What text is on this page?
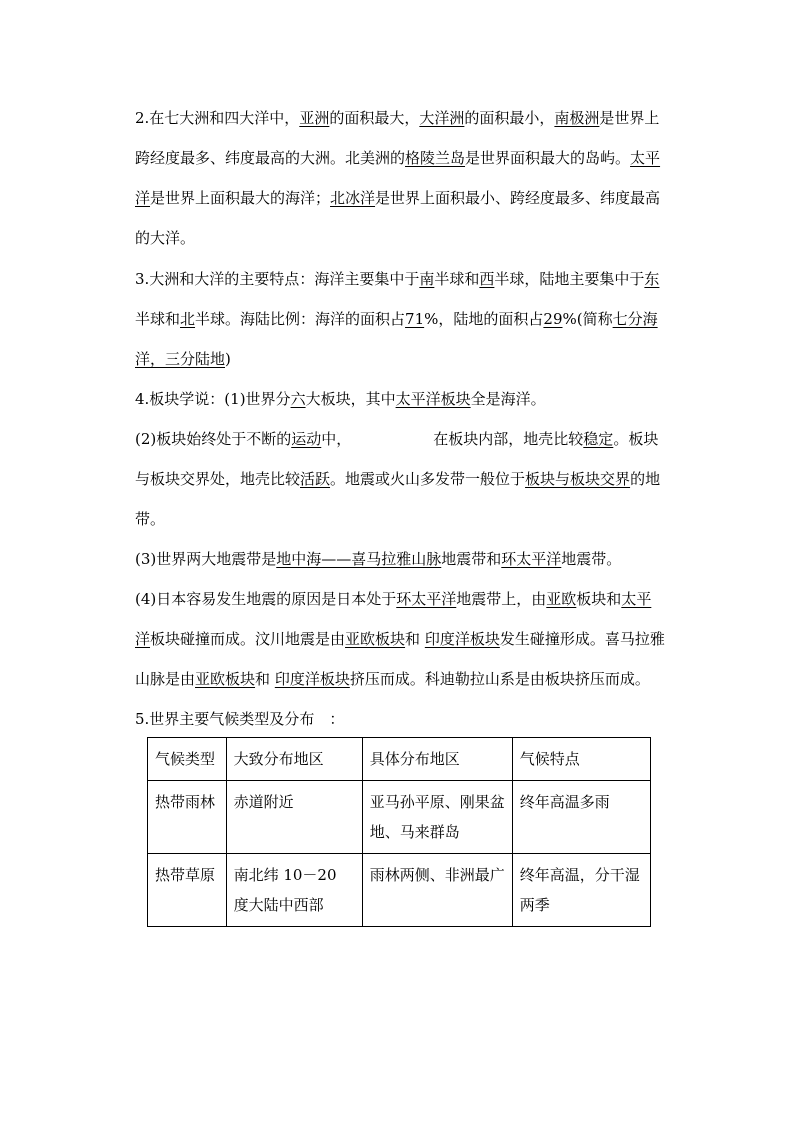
2.在七大洲和四大洋中，亚洲的面积最大，大洋洲的面积最小，南极洲是世界上跨经度最多、纬度最高的大洲。北美洲的格陵兰岛是世界面积最大的岛屿。太平洋是世界上面积最大的海洋；北冰洋是世界上面积最小、跨经度最多、纬度最高的大洋。

3.大洲和大洋的主要特点：海洋主要集中于南半球和西半球，陆地主要集中于东半球和北半球。海陆比例：海洋的面积占71%，陆地的面积占29%(简称七分海洋，三分陆地)

4.板块学说：(1)世界分六大板块，其中太平洋板块全是海洋。

(2)板块始终处于不断的运动中，	在板块内部，地壳比较稳定。板块与板块交界处，地壳比较活跃。地震或火山多发带一般位于板块与板块交界的地带。

(3)世界两大地震带是地中海——喜马拉雅山脉地震带和环太平洋地震带。

(4)日本容易发生地震的原因是日本处于环太平洋地震带上，由亚欧板块和太平洋板块碰撞而成。汶川地震是由亚欧板块和 印度洋板块发生碰撞形成。喜马拉雅山脉是由亚欧板块和 印度洋板块挤压而成。科迪勒拉山系是由板块挤压而成。

5.世界主要气候类型及分布　：

气候类型	大致分布地区	具体分布地区	气候特点
热带雨林	赤道附近	亚马孙平原、刚果盆地、马来群岛	终年高温多雨
热带草原	南北纬 10－20 度大陆中西部	雨林两侧、非洲最广	终年高温，分干湿两季
